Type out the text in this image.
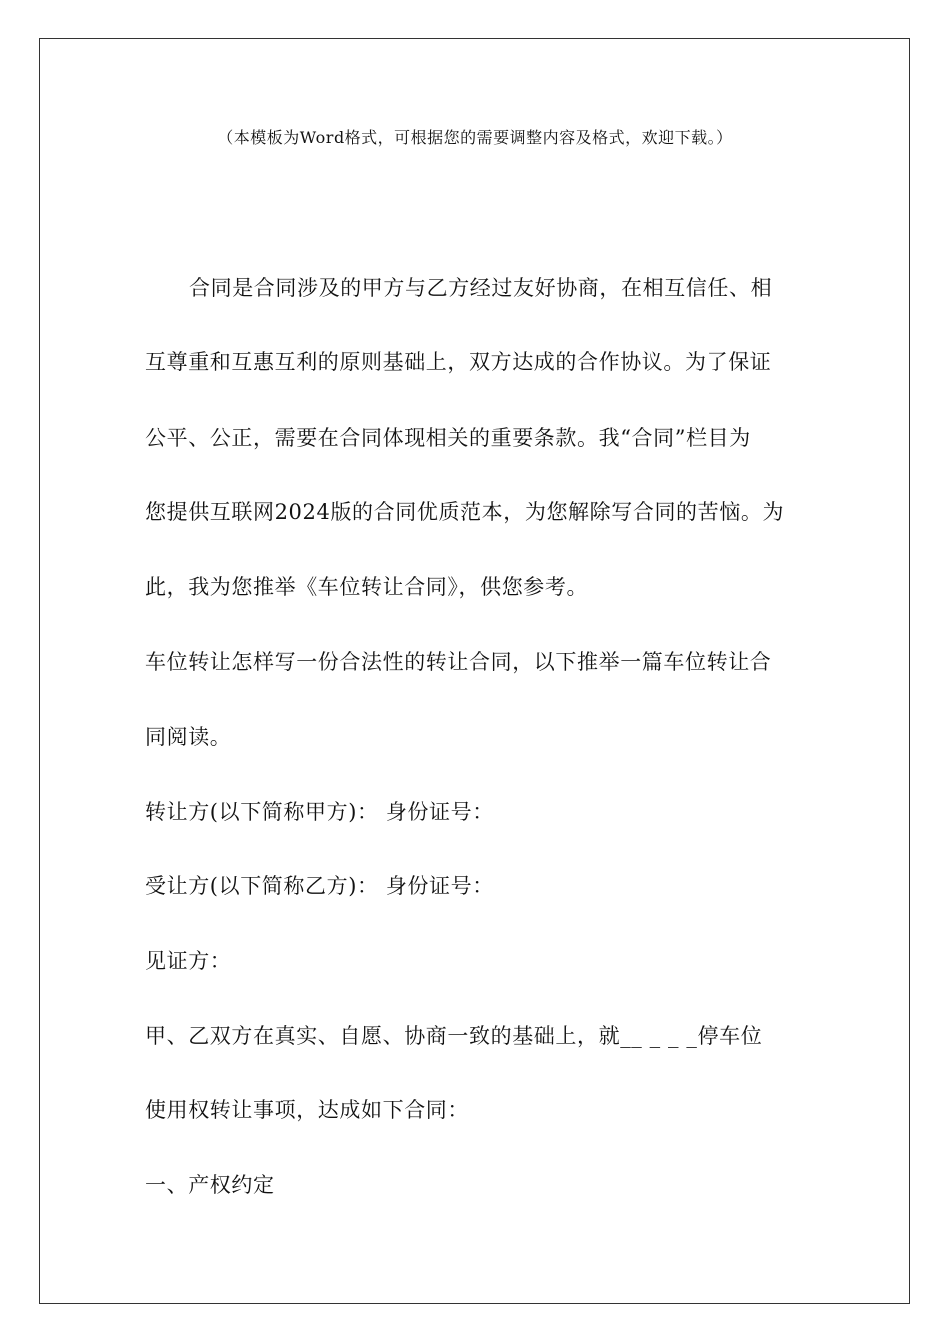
（本模板为Word格式，可根据您的需要调整内容及格式，欢迎下载。）
合同是合同涉及的甲方与乙方经过友好协商，在相互信任、相
互尊重和互惠互利的原则基础上，双方达成的合作协议。为了保证
公平、公正，需要在合同体现相关的重要条款。我“合同”栏目为
您提供互联网2024版的合同优质范本，为您解除写合同的苦恼。为
此，我为您推举《车位转让合同》，供您参考。
车位转让怎样写一份合法性的转让合同，以下推举一篇车位转让合
同阅读。
转让方(以下简称甲方)： 身份证号：
受让方(以下简称乙方)： 身份证号：
见证方：
甲、乙双方在真实、自愿、协商一致的基础上，就__ _ _ _停车位
使用权转让事项，达成如下合同：
一、产权约定
